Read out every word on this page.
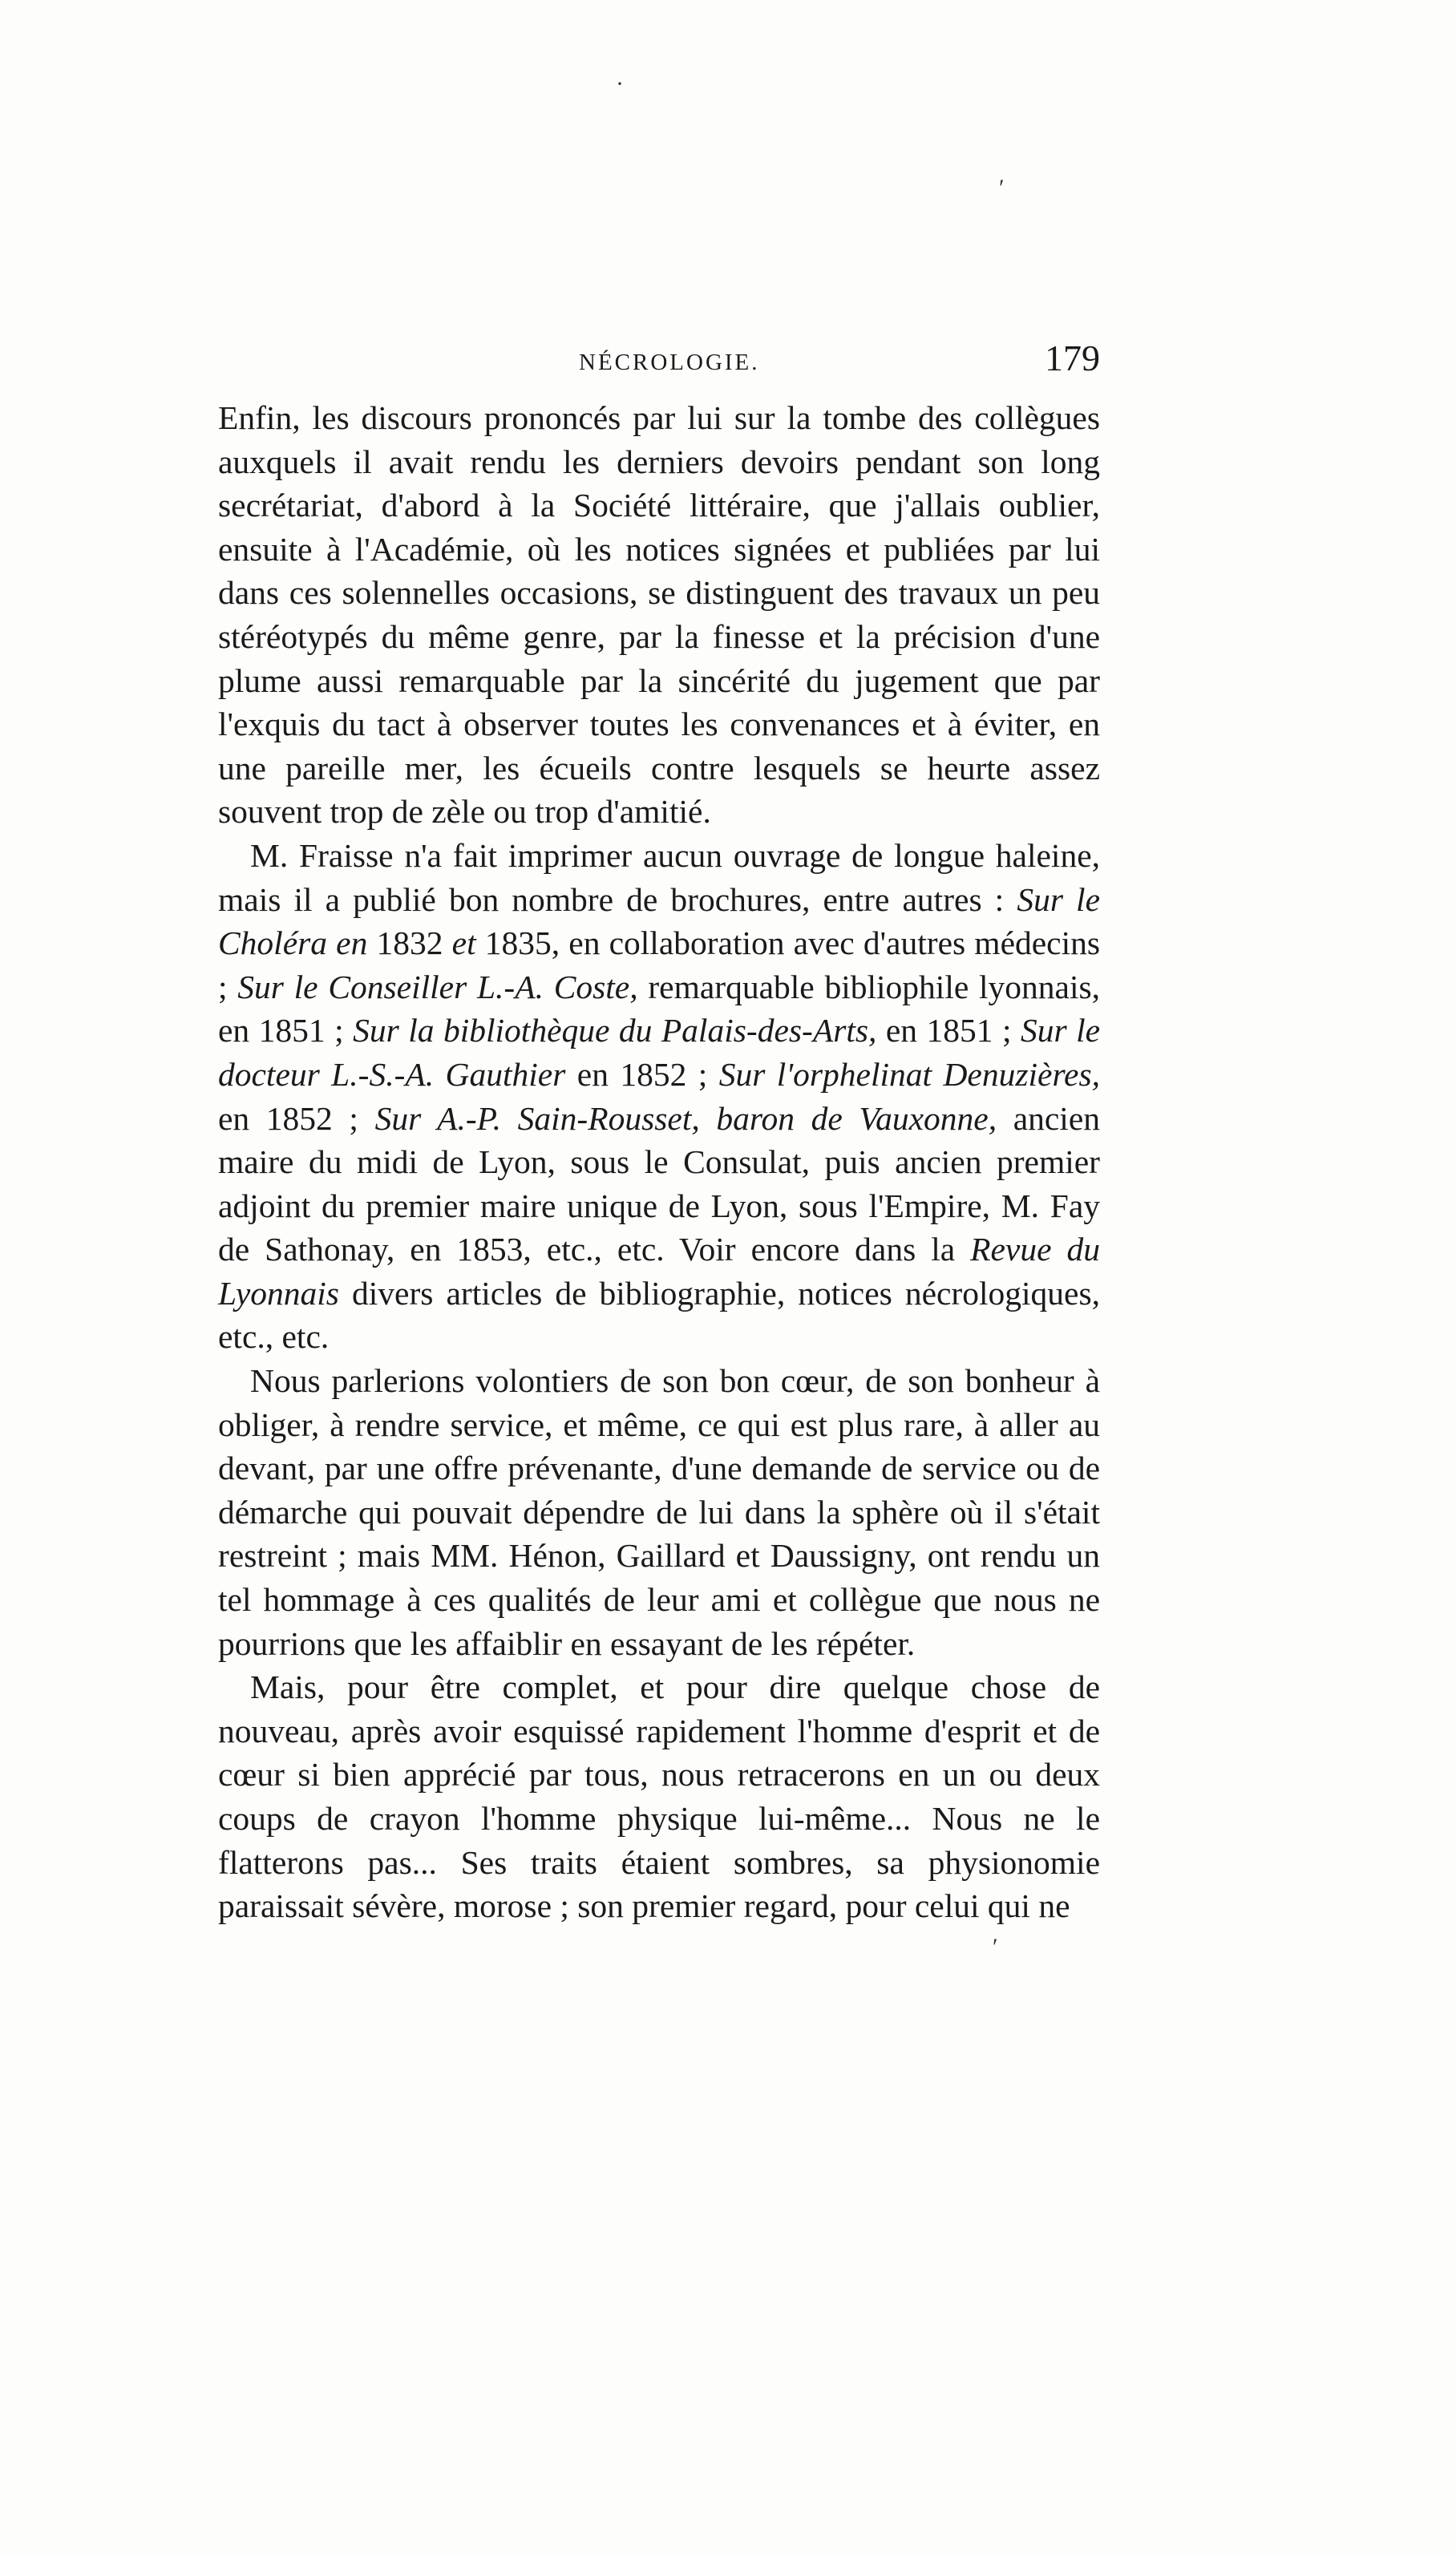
NÉCROLOGIE.	179

Enfin, les discours prononcés par lui sur la tombe des collègues auxquels il avait rendu les derniers devoirs pendant son long secrétariat, d'abord à la Société littéraire, que j'allais oublier, ensuite à l'Académie, où les notices signées et publiées par lui dans ces solennelles occasions, se distinguent des travaux un peu stéréotypés du même genre, par la finesse et la précision d'une plume aussi remarquable par la sincérité du jugement que par l'exquis du tact à observer toutes les convenances et à éviter, en une pareille mer, les écueils contre lesquels se heurte assez souvent trop de zèle ou trop d'amitié.

M. Fraisse n'a fait imprimer aucun ouvrage de longue haleine, mais il a publié bon nombre de brochures, entre autres : Sur le Choléra en 1832 et 1835, en collaboration avec d'autres médecins ; Sur le Conseiller L.-A. Coste, remarquable bibliophile lyonnais, en 1851 ; Sur la bibliothèque du Palais-des-Arts, en 1851 ; Sur le docteur L.-S.-A. Gauthier en 1852 ; Sur l'orphelinat Denuzières, en 1852 ; Sur A.-P. Sain-Rousset, baron de Vauxonne, ancien maire du midi de Lyon, sous le Consulat, puis ancien premier adjoint du premier maire unique de Lyon, sous l'Empire, M. Fay de Sathonay, en 1853, etc., etc. Voir encore dans la Revue du Lyonnais divers articles de bibliographie, notices nécrologiques, etc., etc.

Nous parlerions volontiers de son bon cœur, de son bonheur à obliger, à rendre service, et même, ce qui est plus rare, à aller au devant, par une offre prévenante, d'une demande de service ou de démarche qui pouvait dépendre de lui dans la sphère où il s'était restreint ; mais MM. Hénon, Gaillard et Daussigny, ont rendu un tel hommage à ces qualités de leur ami et collègue que nous ne pourrions que les affaiblir en essayant de les répéter.

Mais, pour être complet, et pour dire quelque chose de nouveau, après avoir esquissé rapidement l'homme d'esprit et de cœur si bien apprécié par tous, nous retracerons en un ou deux coups de crayon l'homme physique lui-même... Nous ne le flatterons pas... Ses traits étaient sombres, sa physionomie paraissait sévère, morose ; son premier regard, pour celui qui ne

·
′
′
